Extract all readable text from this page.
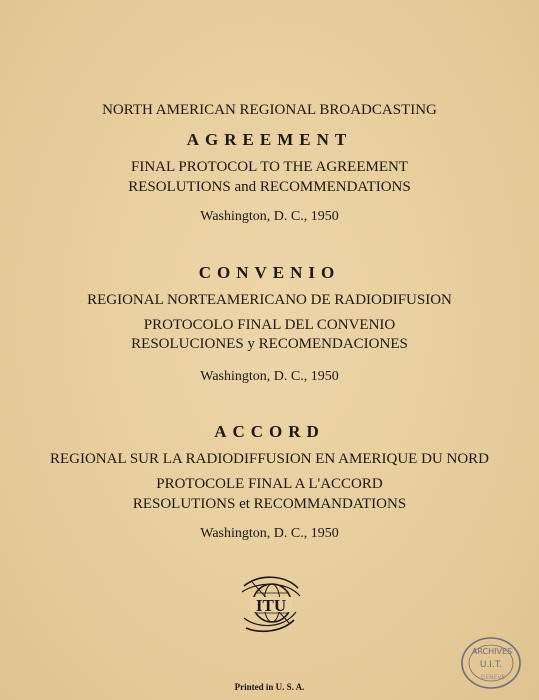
NORTH AMERICAN REGIONAL BROADCASTING
AGREEMENT
FINAL PROTOCOL TO THE AGREEMENT
RESOLUTIONS and RECOMMENDATIONS
Washington, D. C., 1950
CONVENIO
REGIONAL NORTEAMERICANO DE RADIODIFUSION
PROTOCOLO FINAL DEL CONVENIO
RESOLUCIONES y RECOMENDACIONES
Washington, D. C., 1950
ACCORD
REGIONAL SUR LA RADIODIFFUSION EN AMERIQUE DU NORD
PROTOCOLE FINAL A L'ACCORD
RESOLUTIONS et RECOMMANDATIONS
Washington, D. C., 1950
ITU
Printed in U. S. A.
ARCHIVES
U.I.T.
GENEVE
